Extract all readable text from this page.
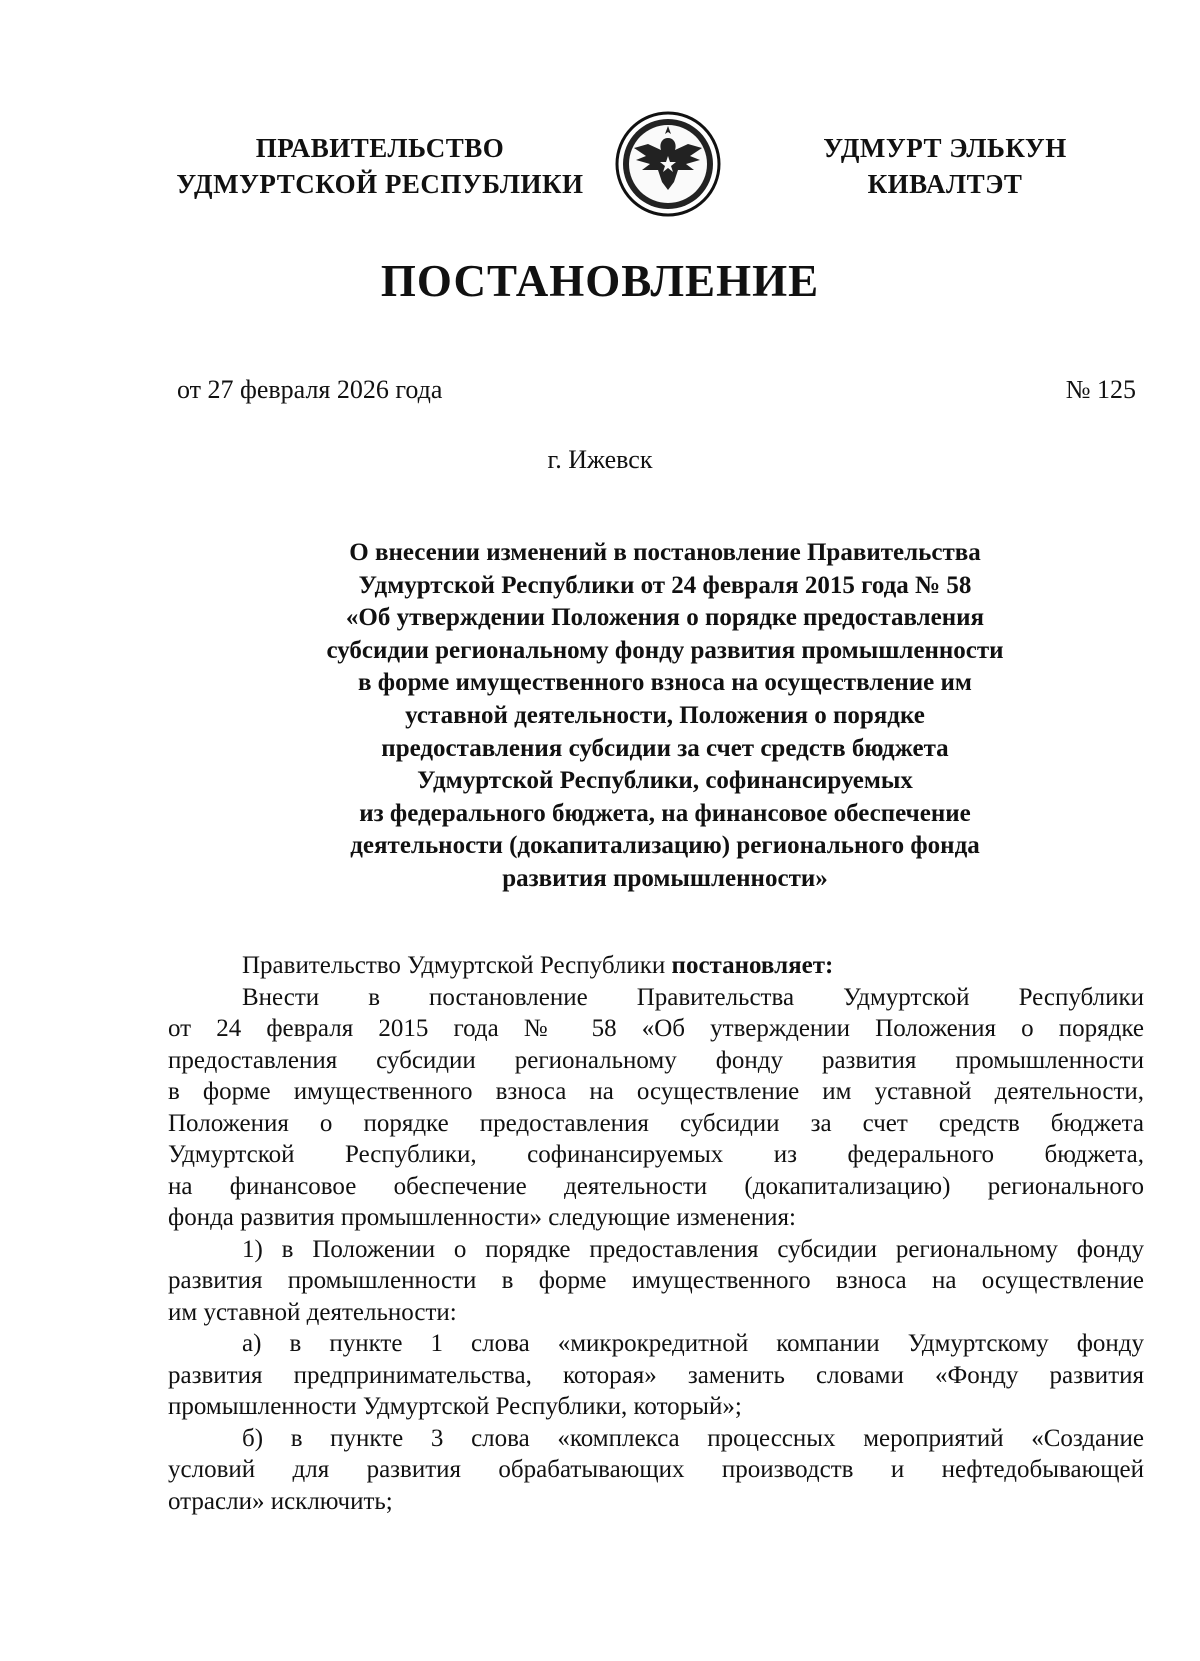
ПРАВИТЕЛЬСТВО
УДМУРТСКОЙ РЕСПУБЛИКИ
УДМУРТ ЭЛЬКУН
КИВАЛТЭТ
ПОСТАНОВЛЕНИЕ
от 27 февраля 2026 года	№ 125
г. Ижевск
О внесении изменений в постановление Правительства
Удмуртской Республики от 24 февраля 2015 года № 58
«Об утверждении Положения о порядке предоставления
субсидии региональному фонду развития промышленности
в форме имущественного взноса на осуществление им
уставной деятельности, Положения о порядке
предоставления субсидии за счет средств бюджета
Удмуртской Республики, софинансируемых
из федерального бюджета, на финансовое обеспечение
деятельности (докапитализацию) регионального фонда
развития промышленности»
Правительство Удмуртской Республики постановляет:
Внести в постановление Правительства Удмуртской Республики
от 24 февраля 2015 года № 58 «Об утверждении Положения о порядке
предоставления субсидии региональному фонду развития промышленности
в форме имущественного взноса на осуществление им уставной деятельности,
Положения о порядке предоставления субсидии за счет средств бюджета
Удмуртской Республики, софинансируемых из федерального бюджета,
на финансовое обеспечение деятельности (докапитализацию) регионального
фонда развития промышленности» следующие изменения:
1) в Положении о порядке предоставления субсидии региональному фонду
развития промышленности в форме имущественного взноса на осуществление
им уставной деятельности:
а) в пункте 1 слова «микрокредитной компании Удмуртскому фонду
развития предпринимательства, которая» заменить словами «Фонду развития
промышленности Удмуртской Республики, который»;
б) в пункте 3 слова «комплекса процессных мероприятий «Создание
условий для развития обрабатывающих производств и нефтедобывающей
отрасли» исключить;
